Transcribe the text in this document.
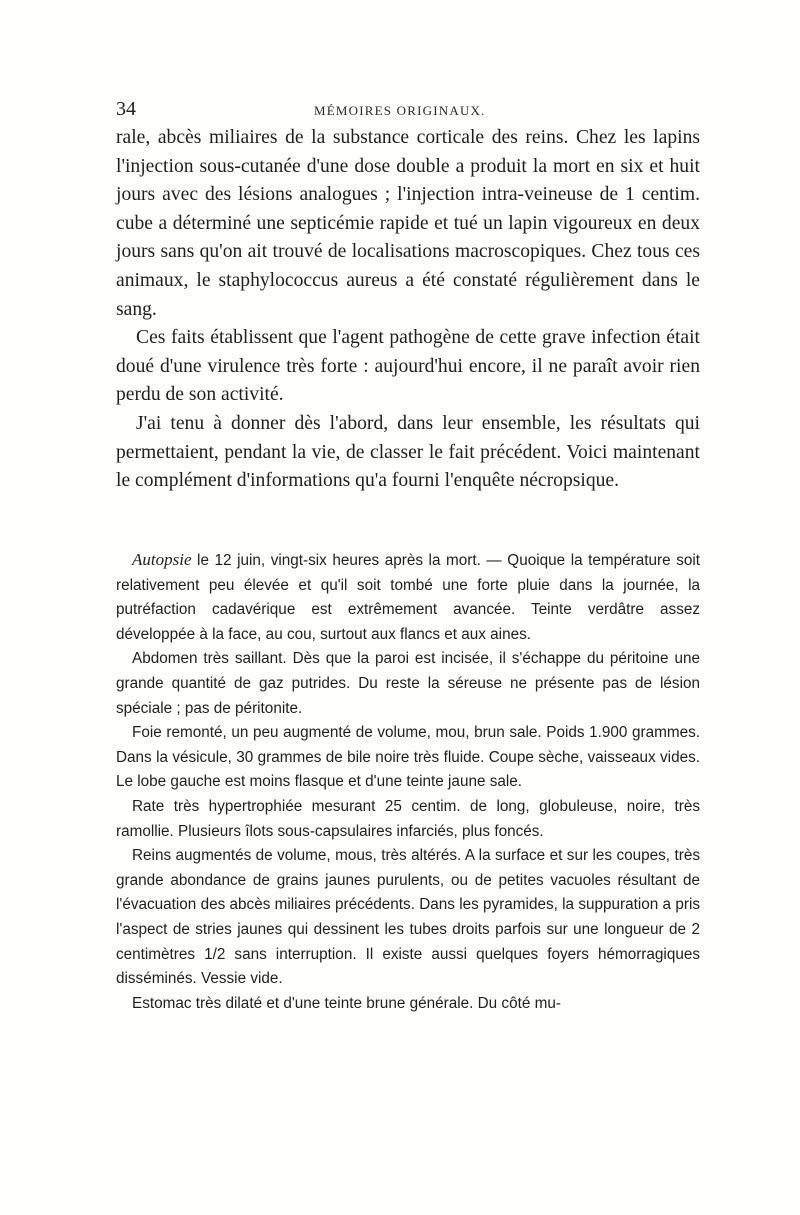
34	MÉMOIRES ORIGINAUX.

rale, abcès miliaires de la substance corticale des reins. Chez les lapins l'injection sous-cutanée d'une dose double a produit la mort en six et huit jours avec des lésions analogues ; l'injection intra-veineuse de 1 centim. cube a déterminé une septicémie rapide et tué un lapin vigoureux en deux jours sans qu'on ait trouvé de localisations macroscopiques. Chez tous ces animaux, le staphylococcus aureus a été constaté régulièrement dans le sang.

Ces faits établissent que l'agent pathogène de cette grave infection était doué d'une virulence très forte : aujourd'hui encore, il ne paraît avoir rien perdu de son activité.

J'ai tenu à donner dès l'abord, dans leur ensemble, les résultats qui permettaient, pendant la vie, de classer le fait précédent. Voici maintenant le complément d'informations qu'a fourni l'enquête nécropsique.

Autopsie le 12 juin, vingt-six heures après la mort. — Quoique la température soit relativement peu élevée et qu'il soit tombé une forte pluie dans la journée, la putréfaction cadavérique est extrêmement avancée. Teinte verdâtre assez développée à la face, au cou, surtout aux flancs et aux aines.

Abdomen très saillant. Dès que la paroi est incisée, il s'échappe du péritoine une grande quantité de gaz putrides. Du reste la séreuse ne présente pas de lésion spéciale ; pas de péritonite.

Foie remonté, un peu augmenté de volume, mou, brun sale. Poids 1.900 grammes. Dans la vésicule, 30 grammes de bile noire très fluide. Coupe sèche, vaisseaux vides. Le lobe gauche est moins flasque et d'une teinte jaune sale.

Rate très hypertrophiée mesurant 25 centim. de long, globuleuse, noire, très ramollie. Plusieurs îlots sous-capsulaires infarciés, plus foncés.

Reins augmentés de volume, mous, très altérés. A la surface et sur les coupes, très grande abondance de grains jaunes purulents, ou de petites vacuoles résultant de l'évacuation des abcès miliaires précédents. Dans les pyramides, la suppuration a pris l'aspect de stries jaunes qui dessinent les tubes droits parfois sur une longueur de 2 centimètres 1/2 sans interruption. Il existe aussi quelques foyers hémorragiques disséminés. Vessie vide.

Estomac très dilaté et d'une teinte brune générale. Du côté mu-
